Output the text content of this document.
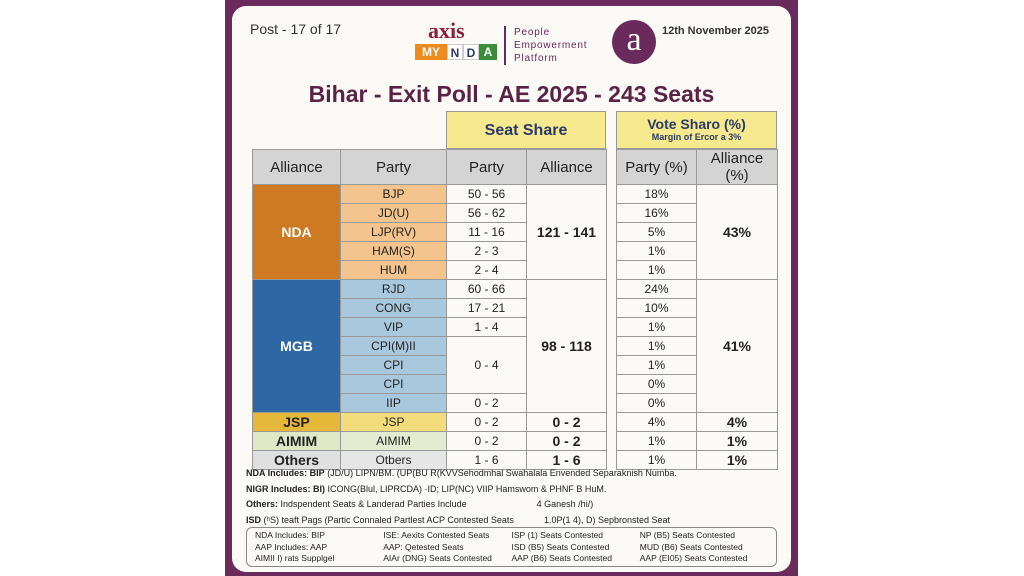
Post - 17 of 17	12th November 2025
axis
MY N D A
People
Empowerment
Platform
a
Bihar - Exit Poll - AE 2025 - 243 Seats
Seat Share	Vote Sharo (%)
Margin of Ercor a 3%
Alliance	Party	Party	Alliance		Party (%)	Alliance (%)
NDA	BJP	50 - 56	121 - 141		18%	43%
	JD(U)	56 - 62			16%	
	LJP(RV)	11 - 16			5%	
	HAM(S)	2 - 3			1%	
	HUM	2 - 4			1%	
MGB	RJD	60 - 66	98 - 118		24%	41%
	CONG	17 - 21			10%	
	VIP	1 - 4			1%	
	CPI(M)II	0 - 4			1%	
	CPI				1%	
	CPI				0%	
	IIP	0 - 2			0%	
JSP	JSP	0 - 2	0 - 2		4%	4%
AIMIM	AIMIM	0 - 2	0 - 2		1%	1%
Others	Otbers	1 - 6	1 - 6		1%	1%
NDA Includes: BIP (JD/U) LIPN/BM. (UP(BU R(KVVSehodmhal Swahalala Envended Separaknish Numba.
NIGR Includes: BI) ICONG(Blul, LIPRCDA) ·ID; LIP(NC) VIIP Hamswom & PHNF B HuM.
Others: Indspendent Seats & Landerad Parties Include	4 Ganesh /hi/)
ISD (ʰS) teaft Pags (Partic Connaled Partlest ACP Contested Seats	1.0P(1 4), D) Sepbronsted Seat
NDA Includes: BIP
AAP Includes: AAP
AIMII I) rats Supplgel
ISE: Aexits Contested Seats
AAP: Qetested Seats
AIAr (DNG) Seats Contested
ISP (1) Seats Contested
ISD (B5) Seats Contested
AAP (B6) Seats Contested
NP (B5) Seats Contested
MUD (B6) Seats Contested
AAP (EI05) Seats Contested
